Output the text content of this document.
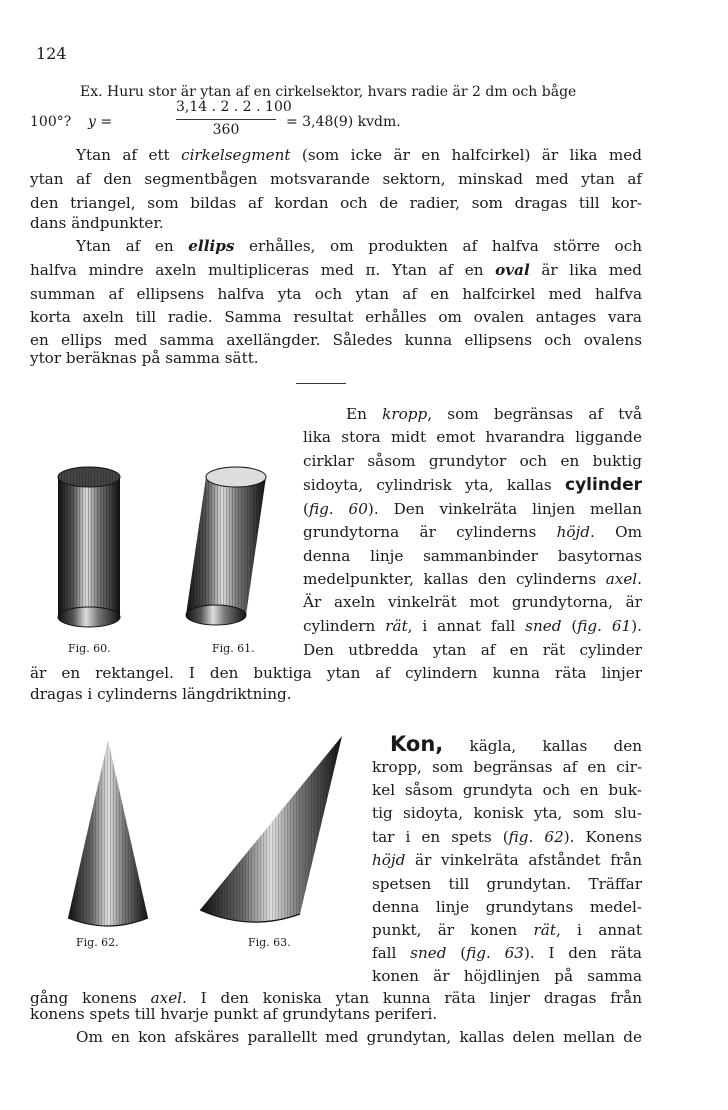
124
Ex. Huru stor är ytan af en cirkelsektor, hvars radie är 2 dm och båge
100°? y =
3,14 . 2 . 2 . 100
360	= 3,48(9) kvdm.
Ytan af ett cirkelsegment (som icke är en halfcirkel) är lika med
ytan af den segmentbågen motsvarande sektorn, minskad med ytan af
den triangel, som bildas af kordan och de radier, som dragas till kor-
dans ändpunkter.
Ytan af en ellips erhålles, om produkten af halfva större och
halfva mindre axeln multipliceras med π. Ytan af en oval är lika med
summan af ellipsens halfva yta och ytan af en halfcirkel med halfva
korta axeln till radie. Samma resultat erhålles om ovalen antages vara
en ellips med samma axellängder. Således kunna ellipsens och ovalens
ytor beräknas på samma sätt.
Fig. 60.	Fig. 61.
En kropp, som begränsas af två
lika stora midt emot hvarandra liggande
cirklar såsom grundytor och en buktig
sidoyta, cylindrisk yta, kallas cylinder
(fig. 60). Den vinkelräta linjen mellan
grundytorna är cylinderns höjd. Om
denna linje sammanbinder basytornas
medelpunkter, kallas den cylinderns axel.
Är axeln vinkelrät mot grundytorna, är
cylindern rät, i annat fall sned (fig. 61).
Den utbredda ytan af en rät cylinder
är en rektangel. I den buktiga ytan af cylindern kunna räta linjer
dragas i cylinderns längdriktning.
Fig. 62.	Fig. 63.
Kon, kägla, kallas den
kropp, som begränsas af en cir-
kel såsom grundyta och en buk-
tig sidoyta, konisk yta, som slu-
tar i en spets (fig. 62). Konens
höjd är vinkelräta afståndet från
spetsen till grundytan. Träffar
denna linje grundytans medel-
punkt, är konen rät, i annat
fall sned (fig. 63). I den räta
konen är höjdlinjen på samma
gång konens axel. I den koniska ytan kunna räta linjer dragas från
konens spets till hvarje punkt af grundytans periferi.
Om en kon afskäres parallellt med grundytan, kallas delen mellan de
